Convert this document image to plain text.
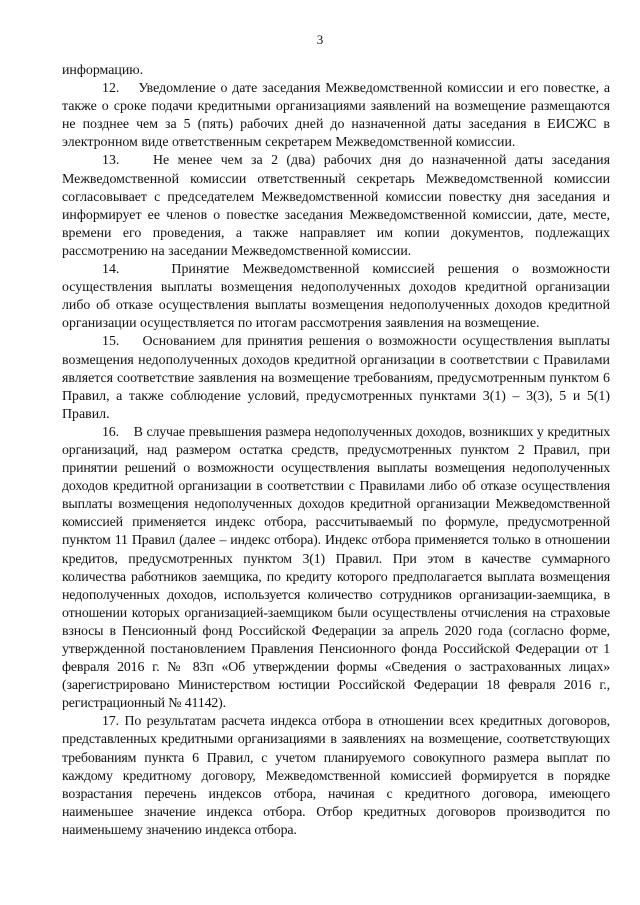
3

информацию.

12.    Уведомление о дате заседания Межведомственной комиссии и его повестке, а также о сроке подачи кредитными организациями заявлений на возмещение размещаются не позднее чем за 5 (пять) рабочих дней до назначенной даты заседания в ЕИСЖС в электронном виде ответственным секретарем Межведомственной комиссии.

13.    Не менее чем за 2 (два) рабочих дня до назначенной даты заседания Межведомственной комиссии ответственный секретарь Межведомственной комиссии согласовывает с председателем Межведомственной комиссии повестку дня заседания и информирует ее членов о повестке заседания Межведомственной комиссии, дате, месте, времени его проведения, а также направляет им копии документов, подлежащих рассмотрению на заседании Межведомственной комиссии.

14.    Принятие Межведомственной комиссией решения о возможности осуществления выплаты возмещения недополученных доходов кредитной организации либо об отказе осуществления выплаты возмещения недополученных доходов кредитной организации осуществляется по итогам рассмотрения заявления на возмещение.

15.    Основанием для принятия решения о возможности осуществления выплаты возмещения недополученных доходов кредитной организации в соответствии с Правилами является соответствие заявления на возмещение требованиям, предусмотренным пунктом 6 Правил, а также соблюдение условий, предусмотренных пунктами 3(1) – 3(3), 5 и 5(1) Правил.

16.    В случае превышения размера недополученных доходов, возникших у кредитных организаций, над размером остатка средств, предусмотренных пунктом 2 Правил, при принятии решений о возможности осуществления выплаты возмещения недополученных доходов кредитной организации в соответствии с Правилами либо об отказе осуществления выплаты возмещения недополученных доходов кредитной организации Межведомственной комиссией применяется индекс отбора, рассчитываемый по формуле, предусмотренной пунктом 11 Правил (далее – индекс отбора). Индекс отбора применяется только в отношении кредитов, предусмотренных пунктом 3(1) Правил. При этом в качестве суммарного количества работников заемщика, по кредиту которого предполагается выплата возмещения недополученных доходов, используется количество сотрудников организации-заемщика, в отношении которых организацией-заемщиком были осуществлены отчисления на страховые взносы в Пенсионный фонд Российской Федерации за апрель 2020 года (согласно форме, утвержденной постановлением Правления Пенсионного фонда Российской Федерации от 1 февраля 2016 г. № 83п «Об утверждении формы «Сведения о застрахованных лицах» (зарегистрировано Министерством юстиции Российской Федерации 18 февраля 2016 г., регистрационный № 41142).

17. По результатам расчета индекса отбора в отношении всех кредитных договоров, представленных кредитными организациями в заявлениях на возмещение, соответствующих требованиям пункта 6 Правил, с учетом планируемого совокупного размера выплат по каждому кредитному договору, Межведомственной комиссией формируется в порядке возрастания перечень индексов отбора, начиная с кредитного договора, имеющего наименьшее значение индекса отбора. Отбор кредитных договоров производится по наименьшему значению индекса отбора.
